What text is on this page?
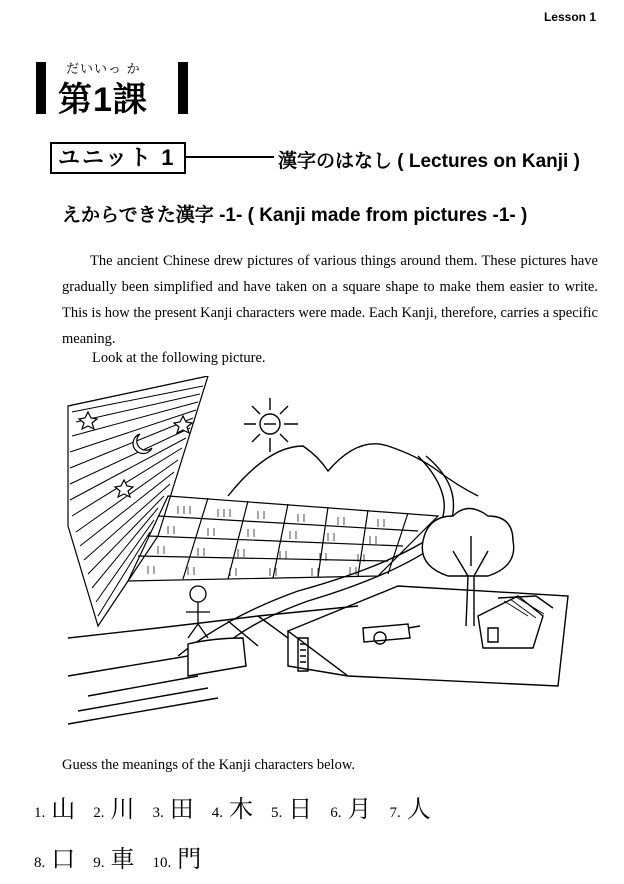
Lesson 1
だいいっ か
第1課
ユニット 1	漢字のはなし ( Lectures on Kanji )
えからできた漢字 -1- ( Kanji made from pictures -1- )
The ancient Chinese drew pictures of various things around them. These pictures have gradually been simplified and have taken on a square shape to make them easier to write. This is how the present Kanji characters were made. Each Kanji, therefore, carries a specific meaning.
Look at the following picture.
Guess the meanings of the Kanji characters below.
1. 山 2. 川 3. 田 4. 木 5. 日 6. 月 7. 人
8. 口 9. 車 10. 門
